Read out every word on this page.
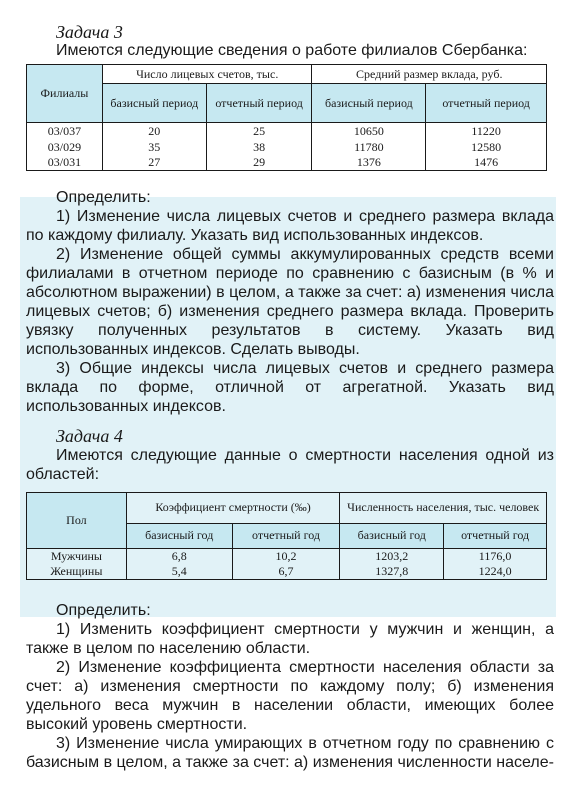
Задача 3

Имеются следующие сведения о работе филиалов Сбербанка:

Филиалы	Число лицевых счетов, тыс.		Средний размер вклада, руб.	
	базисный период	отчетный период	базисный период	отчетный период
03/037	20	25	10650	11220
03/029	35	38	11780	12580
03/031	27	29	1376	1476

Определить:

1) Изменение числа лицевых счетов и среднего размера вклада по каждому филиалу. Указать вид использованных индексов.

2) Изменение общей суммы аккумулированных средств всеми филиалами в отчетном периоде по сравнению с базисным (в % и абсолютном выражении) в целом, а также за счет: а) изменения числа лицевых счетов; б) изменения среднего размера вклада. Проверить увязку полученных результатов в систему. Указать вид использованных индексов. Сделать выводы.

3) Общие индексы числа лицевых счетов и среднего размера вклада по форме, отличной от агрегатной. Указать вид использованных индексов.

Задача 4

Имеются следующие данные о смертности населения одной из областей:

Пол	Коэффициент смертности (‰)		Численность населения, тыс. человек	
	базисный год	отчетный год	базисный год	отчетный год
Мужчины	6,8	10,2	1203,2	1176,0
Женщины	5,4	6,7	1327,8	1224,0

Определить:

1) Изменить коэффициент смертности у мужчин и женщин, а также в целом по населению области.

2) Изменение коэффициента смертности населения области за счет: а) изменения смертности по каждому полу; б) изменения удельного веса мужчин в населении области, имеющих более высокий уровень смертности.

3) Изменение числа умирающих в отчетном году по сравнению с базисным в целом, а также за счет: а) изменения численности населе-
